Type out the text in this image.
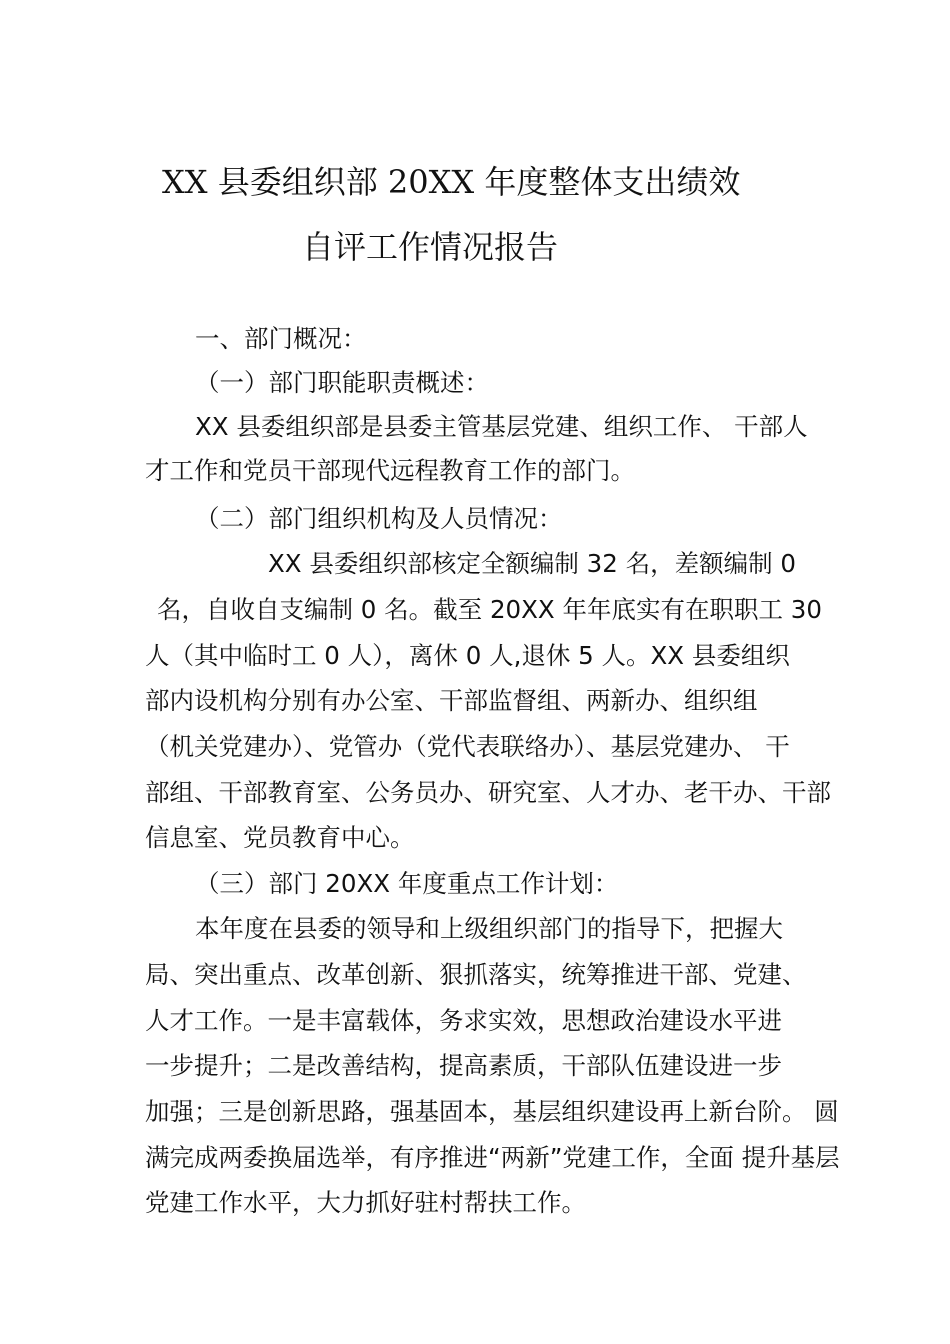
XX 县委组织部 20XX 年度整体支出绩效
自评工作情况报告
一、部门概况：
（一）部门职能职责概述：
XX 县委组织部是县委主管基层党建、组织工作、 干部人
才工作和党员干部现代远程教育工作的部门。
（二）部门组织机构及人员情况：
XX 县委组织部核定全额编制 32 名，差额编制 0
名，自收自支编制 0 名。截至 20XX 年年底实有在职职工 30
人（其中临时工 0 人），离休 0 人,退休 5 人。XX 县委组织
部内设机构分别有办公室、干部监督组、两新办、组织组
（机关党建办）、党管办（党代表联络办）、基层党建办、 干
部组、干部教育室、公务员办、研究室、人才办、老干办、干部
信息室、党员教育中心。
（三）部门 20XX 年度重点工作计划：
本年度在县委的领导和上级组织部门的指导下，把握大
局、突出重点、改革创新、狠抓落实，统筹推进干部、党建、
人才工作。一是丰富载体，务求实效，思想政治建设水平进
一步提升；二是改善结构，提高素质，干部队伍建设进一步
加强；三是创新思路，强基固本，基层组织建设再上新台阶。 圆
满完成两委换届选举，有序推进“两新”党建工作，全面 提升基层
党建工作水平，大力抓好驻村帮扶工作。
